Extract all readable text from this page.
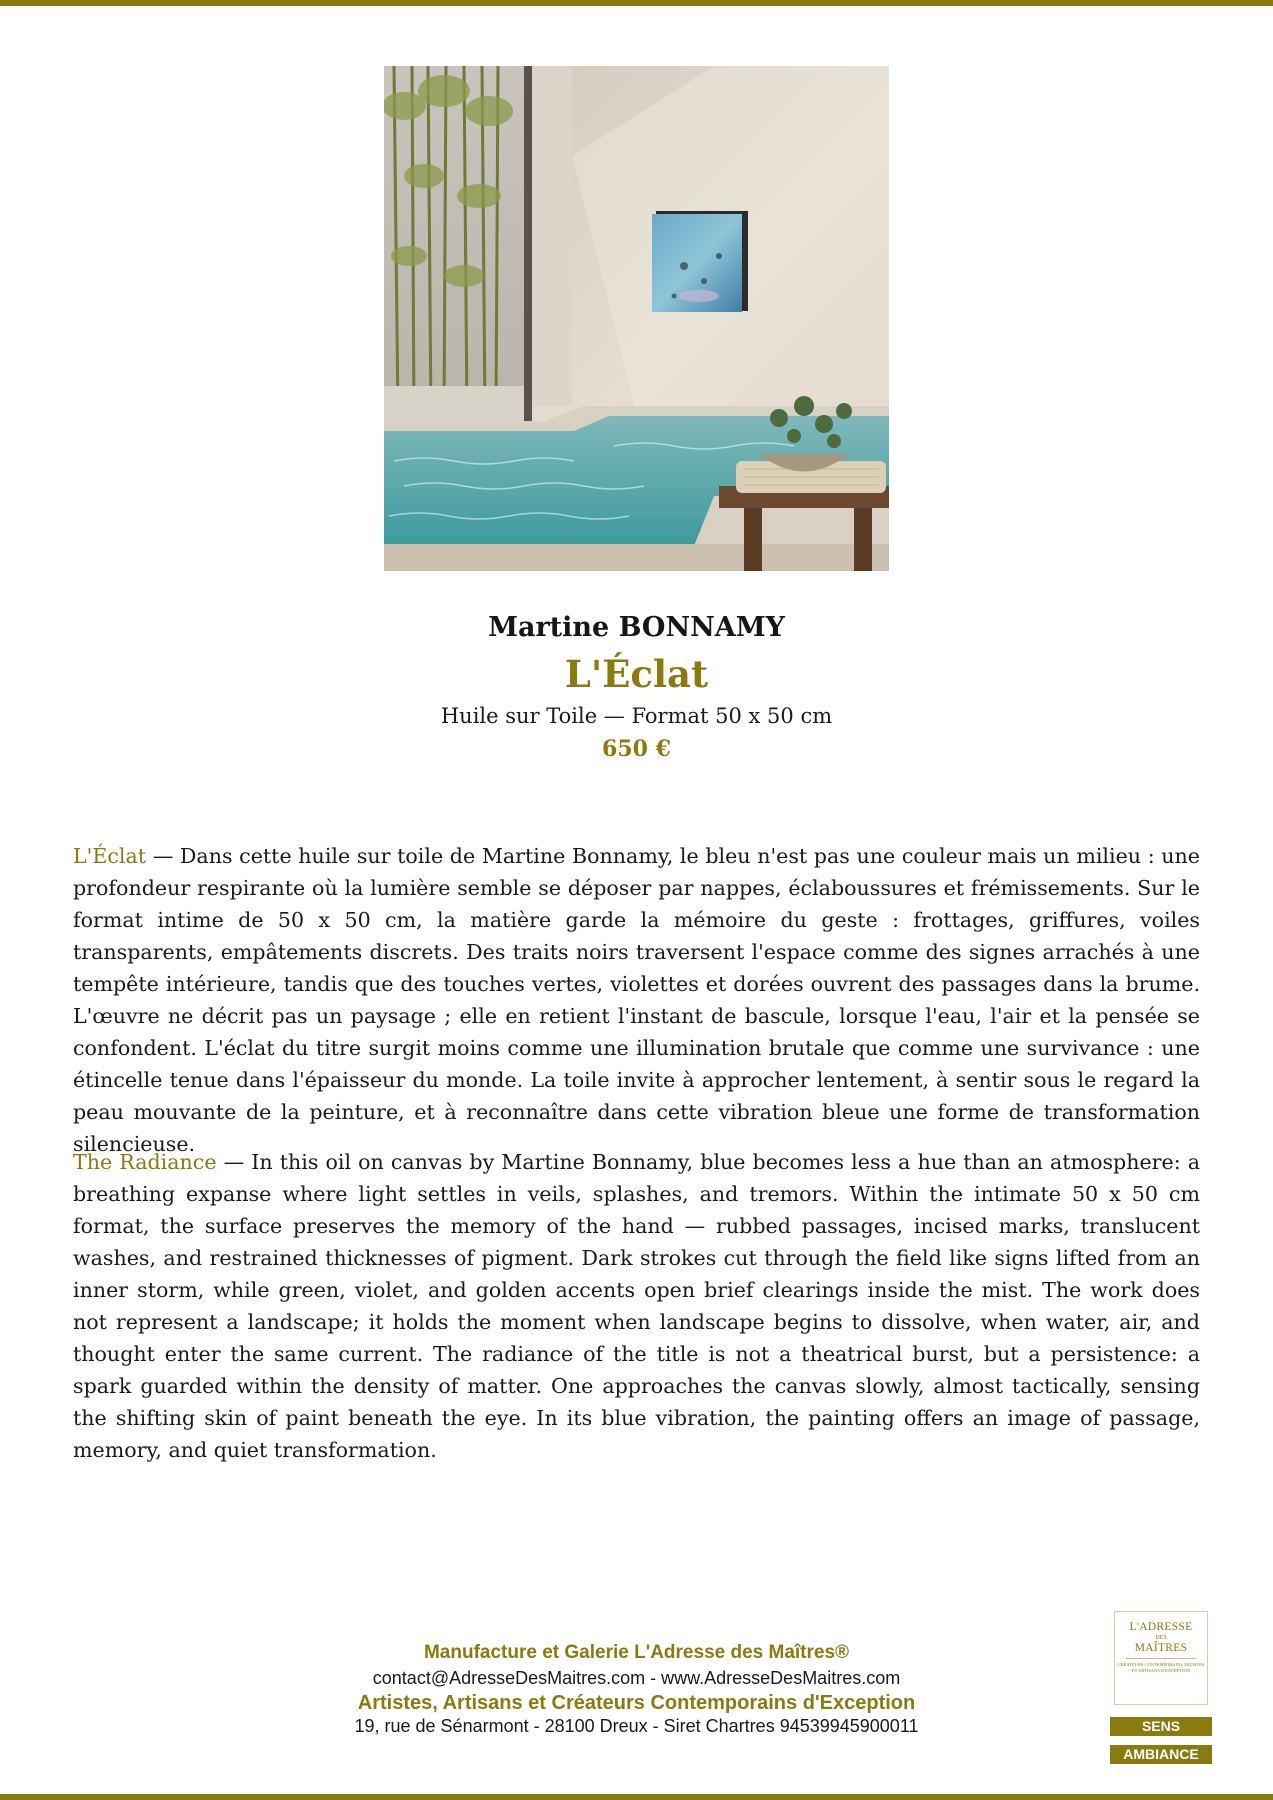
Martine BONNAMY
L'Éclat
Huile sur Toile — Format 50 x 50 cm
650 €

L'Éclat — Dans cette huile sur toile de Martine Bonnamy, le bleu n'est pas une couleur mais un milieu : une profondeur respirante où la lumière semble se déposer par nappes, éclaboussures et frémissements. Sur le format intime de 50 x 50 cm, la matière garde la mémoire du geste : frottages, griffures, voiles transparents, empâtements discrets. Des traits noirs traversent l'espace comme des signes arrachés à une tempête intérieure, tandis que des touches vertes, violettes et dorées ouvrent des passages dans la brume. L'œuvre ne décrit pas un paysage ; elle en retient l'instant de bascule, lorsque l'eau, l'air et la pensée se confondent. L'éclat du titre surgit moins comme une illumination brutale que comme une survivance : une étincelle tenue dans l'épaisseur du monde. La toile invite à approcher lentement, à sentir sous le regard la peau mouvante de la peinture, et à reconnaître dans cette vibration bleue une forme de transformation silencieuse.

The Radiance — In this oil on canvas by Martine Bonnamy, blue becomes less a hue than an atmosphere: a breathing expanse where light settles in veils, splashes, and tremors. Within the intimate 50 x 50 cm format, the surface preserves the memory of the hand — rubbed passages, incised marks, translucent washes, and restrained thicknesses of pigment. Dark strokes cut through the field like signs lifted from an inner storm, while green, violet, and golden accents open brief clearings inside the mist. The work does not represent a landscape; it holds the moment when landscape begins to dissolve, when water, air, and thought enter the same current. The radiance of the title is not a theatrical burst, but a persistence: a spark guarded within the density of matter. One approaches the canvas slowly, almost tactically, sensing the shifting skin of paint beneath the eye. In its blue vibration, the painting offers an image of passage, memory, and quiet transformation.

Manufacture et Galerie L'Adresse des Maîtres®
contact@AdresseDesMaitres.com - www.AdresseDesMaitres.com
Artistes, Artisans et Créateurs Contemporains d'Exception
19, rue de Sénarmont - 28100 Dreux - Siret Chartres 94539945900011
L'ADRESSE
DES
MAÎTRES
CRÉATEURS CONTEMPORAINS ARTISTES ET ARTISANS D'EXCEPTION
SENS
AMBIANCE
